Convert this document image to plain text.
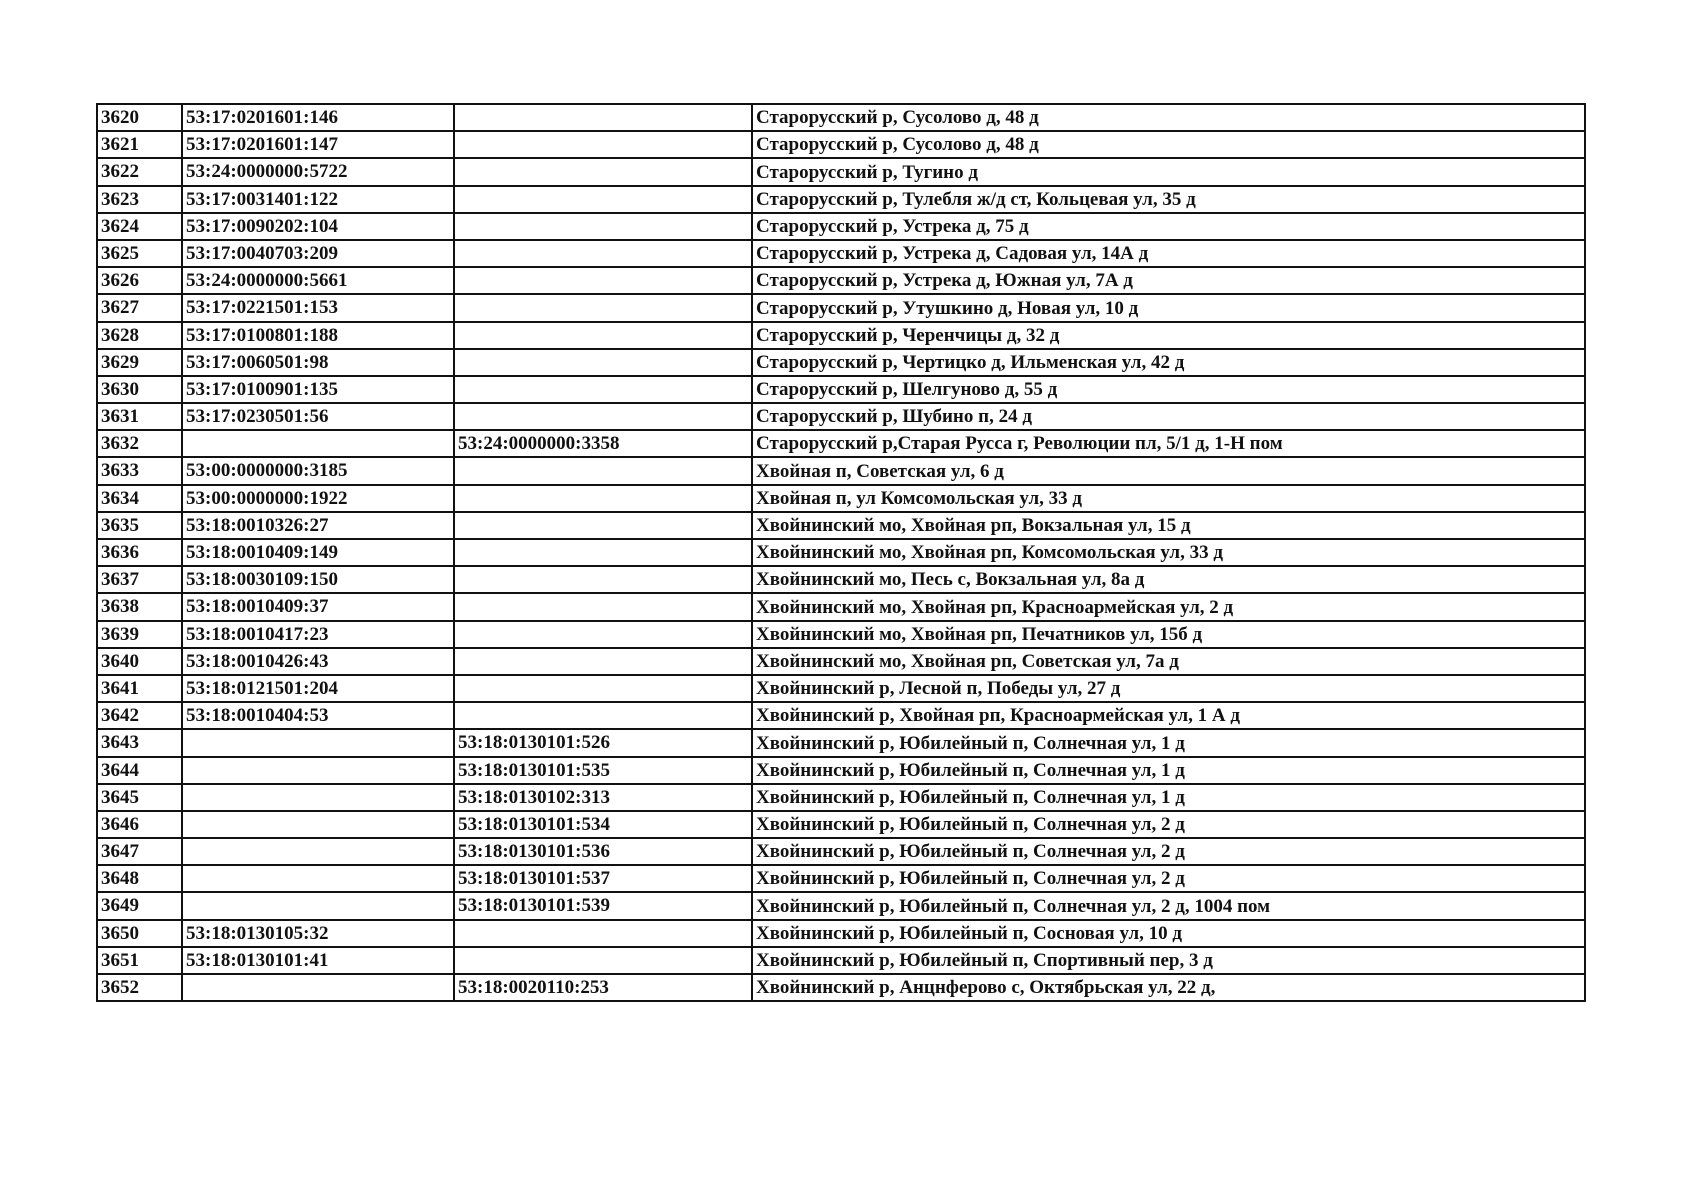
3620	53:17:0201601:146		Старорусский р, Сусолово д, 48 д
3621	53:17:0201601:147		Старорусский р, Сусолово д, 48 д
3622	53:24:0000000:5722		Старорусский р, Тугино д
3623	53:17:0031401:122		Старорусский р, Тулебля ж/д ст, Кольцевая ул, 35 д
3624	53:17:0090202:104		Старорусский р, Устрека д, 75 д
3625	53:17:0040703:209		Старорусский р, Устрека д, Садовая ул, 14А д
3626	53:24:0000000:5661		Старорусский р, Устрека д, Южная ул, 7А д
3627	53:17:0221501:153		Старорусский р, Утушкино д, Новая ул, 10 д
3628	53:17:0100801:188		Старорусский р, Черенчицы д, 32 д
3629	53:17:0060501:98		Старорусский р, Чертицко д, Ильменская ул, 42 д
3630	53:17:0100901:135		Старорусский р, Шелгуново д, 55 д
3631	53:17:0230501:56		Старорусский р, Шубино п, 24 д
3632		53:24:0000000:3358	Старорусский р,Старая Русса г, Революции пл, 5/1 д, 1-Н пом
3633	53:00:0000000:3185		Хвойная п, Советская ул, 6 д
3634	53:00:0000000:1922		Хвойная п, ул Комсомольская ул, 33 д
3635	53:18:0010326:27		Хвойнинский мо, Хвойная рп, Вокзальная ул, 15 д
3636	53:18:0010409:149		Хвойнинский мо, Хвойная рп, Комсомольская ул, 33 д
3637	53:18:0030109:150		Хвойнинский мо, Песь с, Вокзальная ул, 8а д
3638	53:18:0010409:37		Хвойнинский мо, Хвойная рп, Красноармейская ул, 2 д
3639	53:18:0010417:23		Хвойнинский мо, Хвойная рп, Печатников ул, 15б д
3640	53:18:0010426:43		Хвойнинский мо, Хвойная рп, Советская ул, 7а д
3641	53:18:0121501:204		Хвойнинский р, Лесной п, Победы ул, 27 д
3642	53:18:0010404:53		Хвойнинский р, Хвойная рп, Красноармейская ул, 1 А д
3643		53:18:0130101:526	Хвойнинский р, Юбилейный п, Солнечная ул, 1 д
3644		53:18:0130101:535	Хвойнинский р, Юбилейный п, Солнечная ул, 1 д
3645		53:18:0130102:313	Хвойнинский р, Юбилейный п, Солнечная ул, 1 д
3646		53:18:0130101:534	Хвойнинский р, Юбилейный п, Солнечная ул, 2 д
3647		53:18:0130101:536	Хвойнинский р, Юбилейный п, Солнечная ул, 2 д
3648		53:18:0130101:537	Хвойнинский р, Юбилейный п, Солнечная ул, 2 д
3649		53:18:0130101:539	Хвойнинский р, Юбилейный п, Солнечная ул, 2 д, 1004 пом
3650	53:18:0130105:32		Хвойнинский р, Юбилейный п, Сосновая ул, 10 д
3651	53:18:0130101:41		Хвойнинский р, Юбилейный п, Спортивный пер, 3 д
3652		53:18:0020110:253	Хвойнинский р, Анцнферово с, Октябрьская ул, 22 д,
